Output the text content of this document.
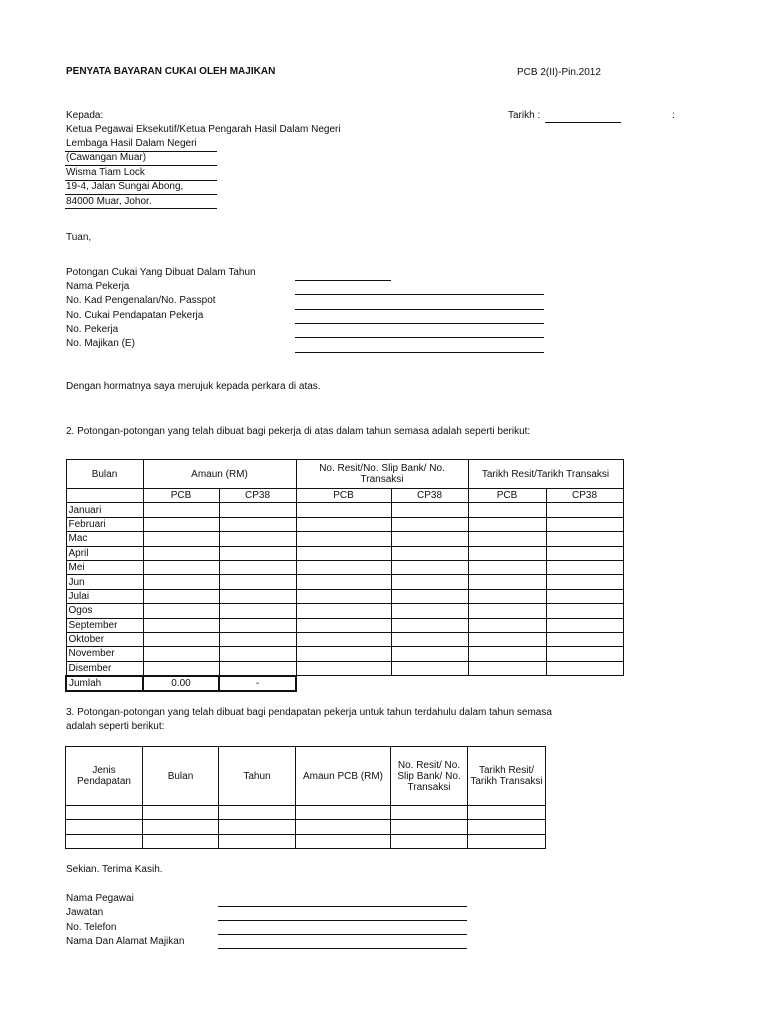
PENYATA BAYARAN CUKAI OLEH MAJIKAN	PCB 2(II)-Pin.2012
Kepada:
Ketua Pegawai Eksekutif/Ketua Pengarah Hasil Dalam Negeri
Lembaga Hasil Dalam Negeri
(Cawangan Muar)
Wisma Tiam Lock
19-4, Jalan Sungai Abong,
84000 Muar, Johor.
Tarikh :	:
Tuan,
Potongan Cukai Yang Dibuat Dalam Tahun
Nama Pekerja
No. Kad Pengenalan/No. Passpot
No. Cukai Pendapatan Pekerja
No. Pekerja
No. Majikan (E)
Dengan hormatnya saya merujuk kepada perkara di atas.
2. Potongan-potongan yang telah dibuat bagi pekerja di atas dalam tahun semasa adalah seperti berikut:
Bulan	Amaun (RM)		No. Resit/No. Slip Bank/ No. Transaksi		Tarikh Resit/Tarikh Transaksi	
	PCB	CP38	PCB	CP38	PCB	CP38
Januari						
Februari						
Mac						
April						
Mei						
Jun						
Julai						
Ogos						
September						
Oktober						
November						
Disember						
Jumlah	0.00	-				
3. Potongan-potongan yang telah dibuat bagi pendapatan pekerja untuk tahun terdahulu dalam tahun semasa
adalah seperti berikut:
Jenis Pendapatan	Bulan	Tahun	Amaun PCB (RM)	No. Resit/ No. Slip Bank/ No. Transaksi	Tarikh Resit/ Tarikh Transaksi

Sekian. Terima Kasih.
Nama Pegawai
Jawatan
No. Telefon
Nama Dan Alamat Majikan
